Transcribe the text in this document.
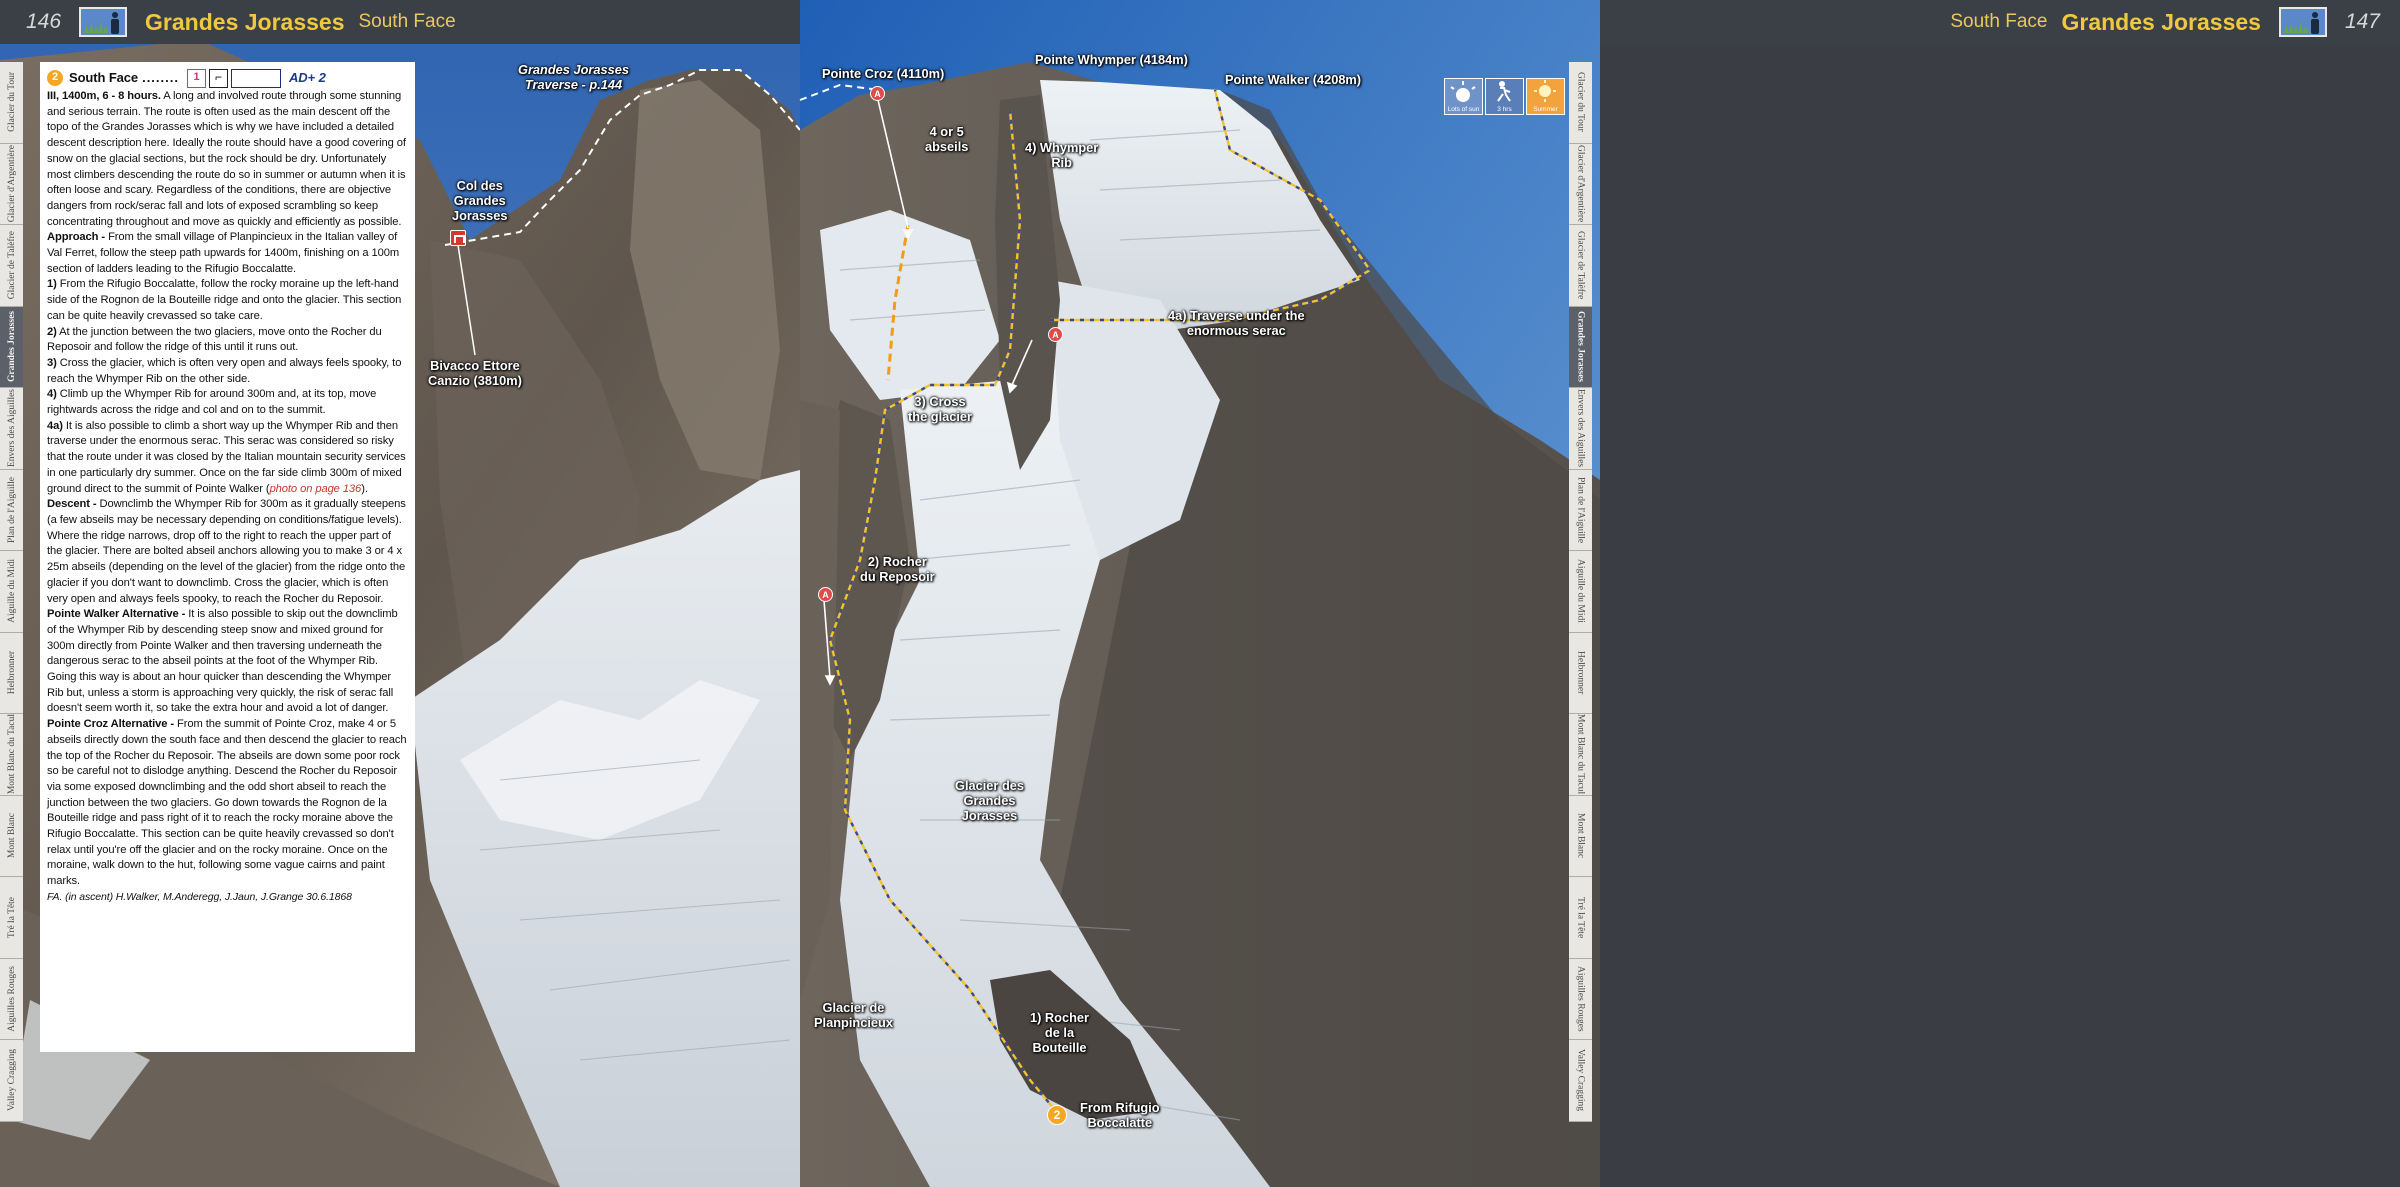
146	Grandes Jorasses South Face
Glacier du Tour
Glacier d'Argentière
Glacier de Talèfre
Grandes Jorasses
Envers des Aiguilles
Plan de l'Aiguille
Aiguille du Midi
Helbronner
Mont Blanc du Tacul
Mont Blanc
Tré la Tête
Aiguilles Rouges
Valley Cragging
2 South Face ........	1	⌐	AD+ 2

III, 1400m, 6 - 8 hours. A long and involved route through some stunning and serious terrain. The route is often used as the main descent off the topo of the Grandes Jorasses which is why we have included a detailed descent description here. Ideally the route should have a good covering of snow on the glacial sections, but the rock should be dry. Unfortunately most climbers descending the route do so in summer or autumn when it is often loose and scary. Regardless of the conditions, there are objective dangers from rock/serac fall and lots of exposed scrambling so keep concentrating throughout and move as quickly and efficiently as possible.

Approach - From the small village of Planpincieux in the Italian valley of Val Ferret, follow the steep path upwards for 1400m, finishing on a 100m section of ladders leading to the Rifugio Boccalatte.

1) From the Rifugio Boccalatte, follow the rocky moraine up the left-hand side of the Rognon de la Bouteille ridge and onto the glacier. This section can be quite heavily crevassed so take care.

2) At the junction between the two glaciers, move onto the Rocher du Reposoir and follow the ridge of this until it runs out.

3) Cross the glacier, which is often very open and always feels spooky, to reach the Whymper Rib on the other side.

4) Climb up the Whymper Rib for around 300m and, at its top, move rightwards across the ridge and col and on to the summit.

4a) It is also possible to climb a short way up the Whymper Rib and then traverse under the enormous serac. This serac was considered so risky that the route under it was closed by the Italian mountain security services in one particularly dry summer. Once on the far side climb 300m of mixed ground direct to the summit of Pointe Walker (photo on page 136).

Descent - Downclimb the Whymper Rib for 300m as it gradually steepens (a few abseils may be necessary depending on conditions/fatigue levels). Where the ridge narrows, drop off to the right to reach the upper part of the glacier. There are bolted abseil anchors allowing you to make 3 or 4 x 25m abseils (depending on the level of the glacier) from the ridge onto the glacier if you don't want to downclimb. Cross the glacier, which is often very open and always feels spooky, to reach the Rocher du Reposoir.

Pointe Walker Alternative - It is also possible to skip out the downclimb of the Whymper Rib by descending steep snow and mixed ground for 300m directly from Pointe Walker and then traversing underneath the dangerous serac to the abseil points at the foot of the Whymper Rib. Going this way is about an hour quicker than descending the Whymper Rib but, unless a storm is approaching very quickly, the risk of serac fall doesn't seem worth it, so take the extra hour and avoid a lot of danger.

Pointe Croz Alternative - From the summit of Pointe Croz, make 4 or 5 abseils directly down the south face and then descend the glacier to reach the top of the Rocher du Reposoir. The abseils are down some poor rock so be careful not to dislodge anything. Descend the Rocher du Reposoir via some exposed downclimbing and the odd short abseil to reach the junction between the two glaciers. Go down towards the Rognon de la Bouteille ridge and pass right of it to reach the rocky moraine above the Rifugio Boccalatte. This section can be quite heavily crevassed so don't relax until you're off the glacier and on the rocky moraine. Once on the moraine, walk down to the hut, following some vague cairns and paint marks.

FA. (in ascent) H.Walker, M.Anderegg, J.Jaun, J.Grange 30.6.1868

Grandes Jorasses
Traverse - p.144
Col des
Grandes
Jorasses
Bivacco Ettore
Canzio (3810m)
South Face Grandes Jorasses	147
Glacier du Tour
Glacier d'Argentière
Glacier de Talèfre
Grandes Jorasses
Envers des Aiguilles
Plan de l'Aiguille
Aiguille du Midi
Helbronner
Mont Blanc du Tacul
Mont Blanc
Tré la Tête
Aiguilles Rouges
Valley Cragging
Pointe Croz (4110m)
Pointe Whymper (4184m)
Pointe Walker (4208m)
4 or 5
abseils	4) Whymper
Rib
4a) Traverse under the
enormous serac
3) Cross
the glacier
2) Rocher
du Reposoir
Glacier des
Grandes
Jorasses
Glacier de
Planpincieux	1) Rocher
de la
Bouteille
From Rifugio
Boccalatte
A
A
A
2
Lots of sun	3 hrs	Summer
